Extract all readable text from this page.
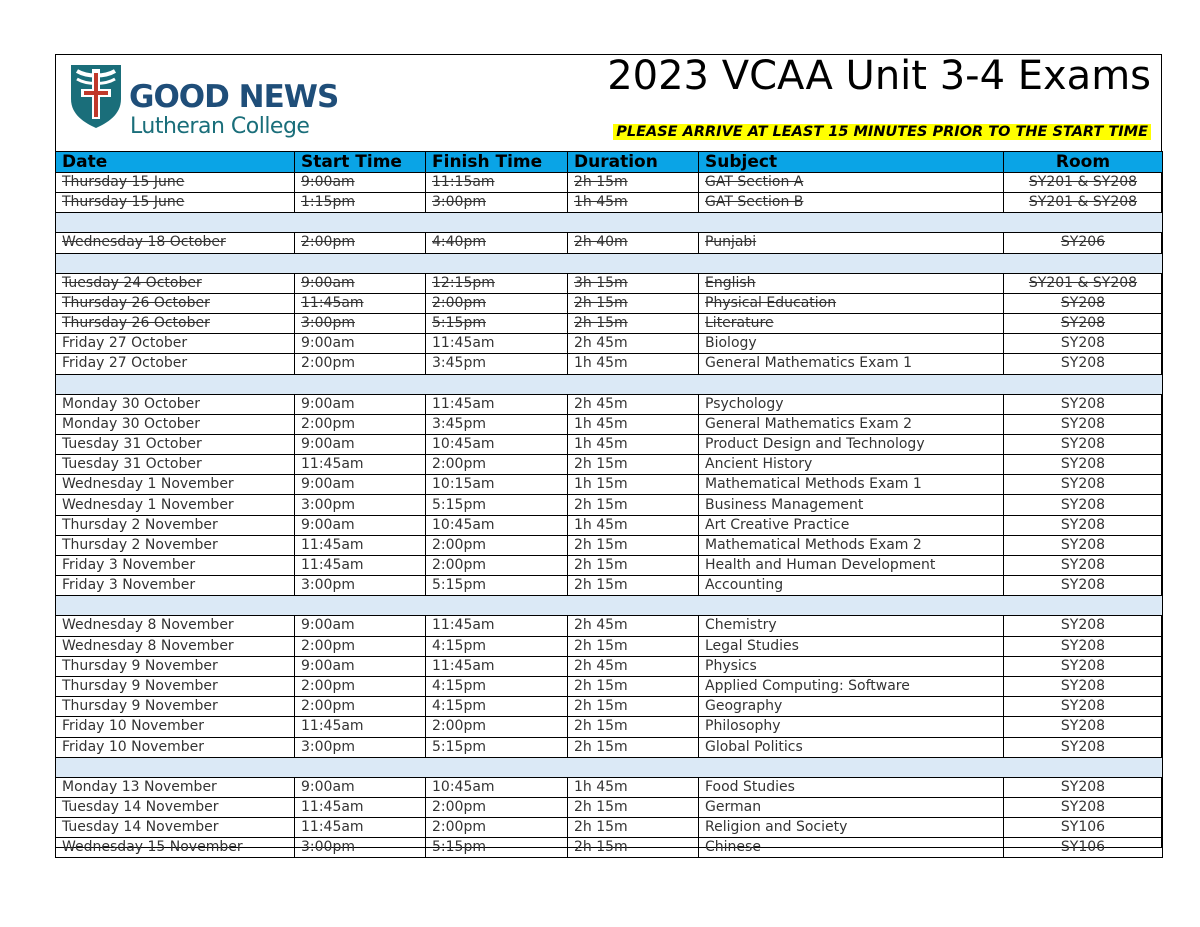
GOOD NEWS
Lutheran College
2023 VCAA Unit 3-4 Exams
PLEASE ARRIVE AT LEAST 15 MINUTES PRIOR TO THE START TIME
Date	Start Time	Finish Time	Duration	Subject	Room
Thursday 15 June	9:00am	11:15am	2h 15m	GAT Section A	SY201 & SY208
Thursday 15 June	1:15pm	3:00pm	1h 45m	GAT Section B	SY201 & SY208

Wednesday 18 October	2:00pm	4:40pm	2h 40m	Punjabi	SY206

Tuesday 24 October	9:00am	12:15pm	3h 15m	English	SY201 & SY208
Thursday 26 October	11:45am	2:00pm	2h 15m	Physical Education	SY208
Thursday 26 October	3:00pm	5:15pm	2h 15m	Literature	SY208
Friday 27 October	9:00am	11:45am	2h 45m	Biology	SY208
Friday 27 October	2:00pm	3:45pm	1h 45m	General Mathematics Exam 1	SY208

Monday 30 October	9:00am	11:45am	2h 45m	Psychology	SY208
Monday 30 October	2:00pm	3:45pm	1h 45m	General Mathematics Exam 2	SY208
Tuesday 31 October	9:00am	10:45am	1h 45m	Product Design and Technology	SY208
Tuesday 31 October	11:45am	2:00pm	2h 15m	Ancient History	SY208
Wednesday 1 November	9:00am	10:15am	1h 15m	Mathematical Methods Exam 1	SY208
Wednesday 1 November	3:00pm	5:15pm	2h 15m	Business Management	SY208
Thursday 2 November	9:00am	10:45am	1h 45m	Art Creative Practice	SY208
Thursday 2 November	11:45am	2:00pm	2h 15m	Mathematical Methods Exam 2	SY208
Friday 3 November	11:45am	2:00pm	2h 15m	Health and Human Development	SY208
Friday 3 November	3:00pm	5:15pm	2h 15m	Accounting	SY208

Wednesday 8 November	9:00am	11:45am	2h 45m	Chemistry	SY208
Wednesday 8 November	2:00pm	4:15pm	2h 15m	Legal Studies	SY208
Thursday 9 November	9:00am	11:45am	2h 45m	Physics	SY208
Thursday 9 November	2:00pm	4:15pm	2h 15m	Applied Computing: Software	SY208
Thursday 9 November	2:00pm	4:15pm	2h 15m	Geography	SY208
Friday 10 November	11:45am	2:00pm	2h 15m	Philosophy	SY208
Friday 10 November	3:00pm	5:15pm	2h 15m	Global Politics	SY208

Monday 13 November	9:00am	10:45am	1h 45m	Food Studies	SY208
Tuesday 14 November	11:45am	2:00pm	2h 15m	German	SY208
Tuesday 14 November	11:45am	2:00pm	2h 15m	Religion and Society	SY106
Wednesday 15 November	3:00pm	5:15pm	2h 15m	Chinese	SY106
